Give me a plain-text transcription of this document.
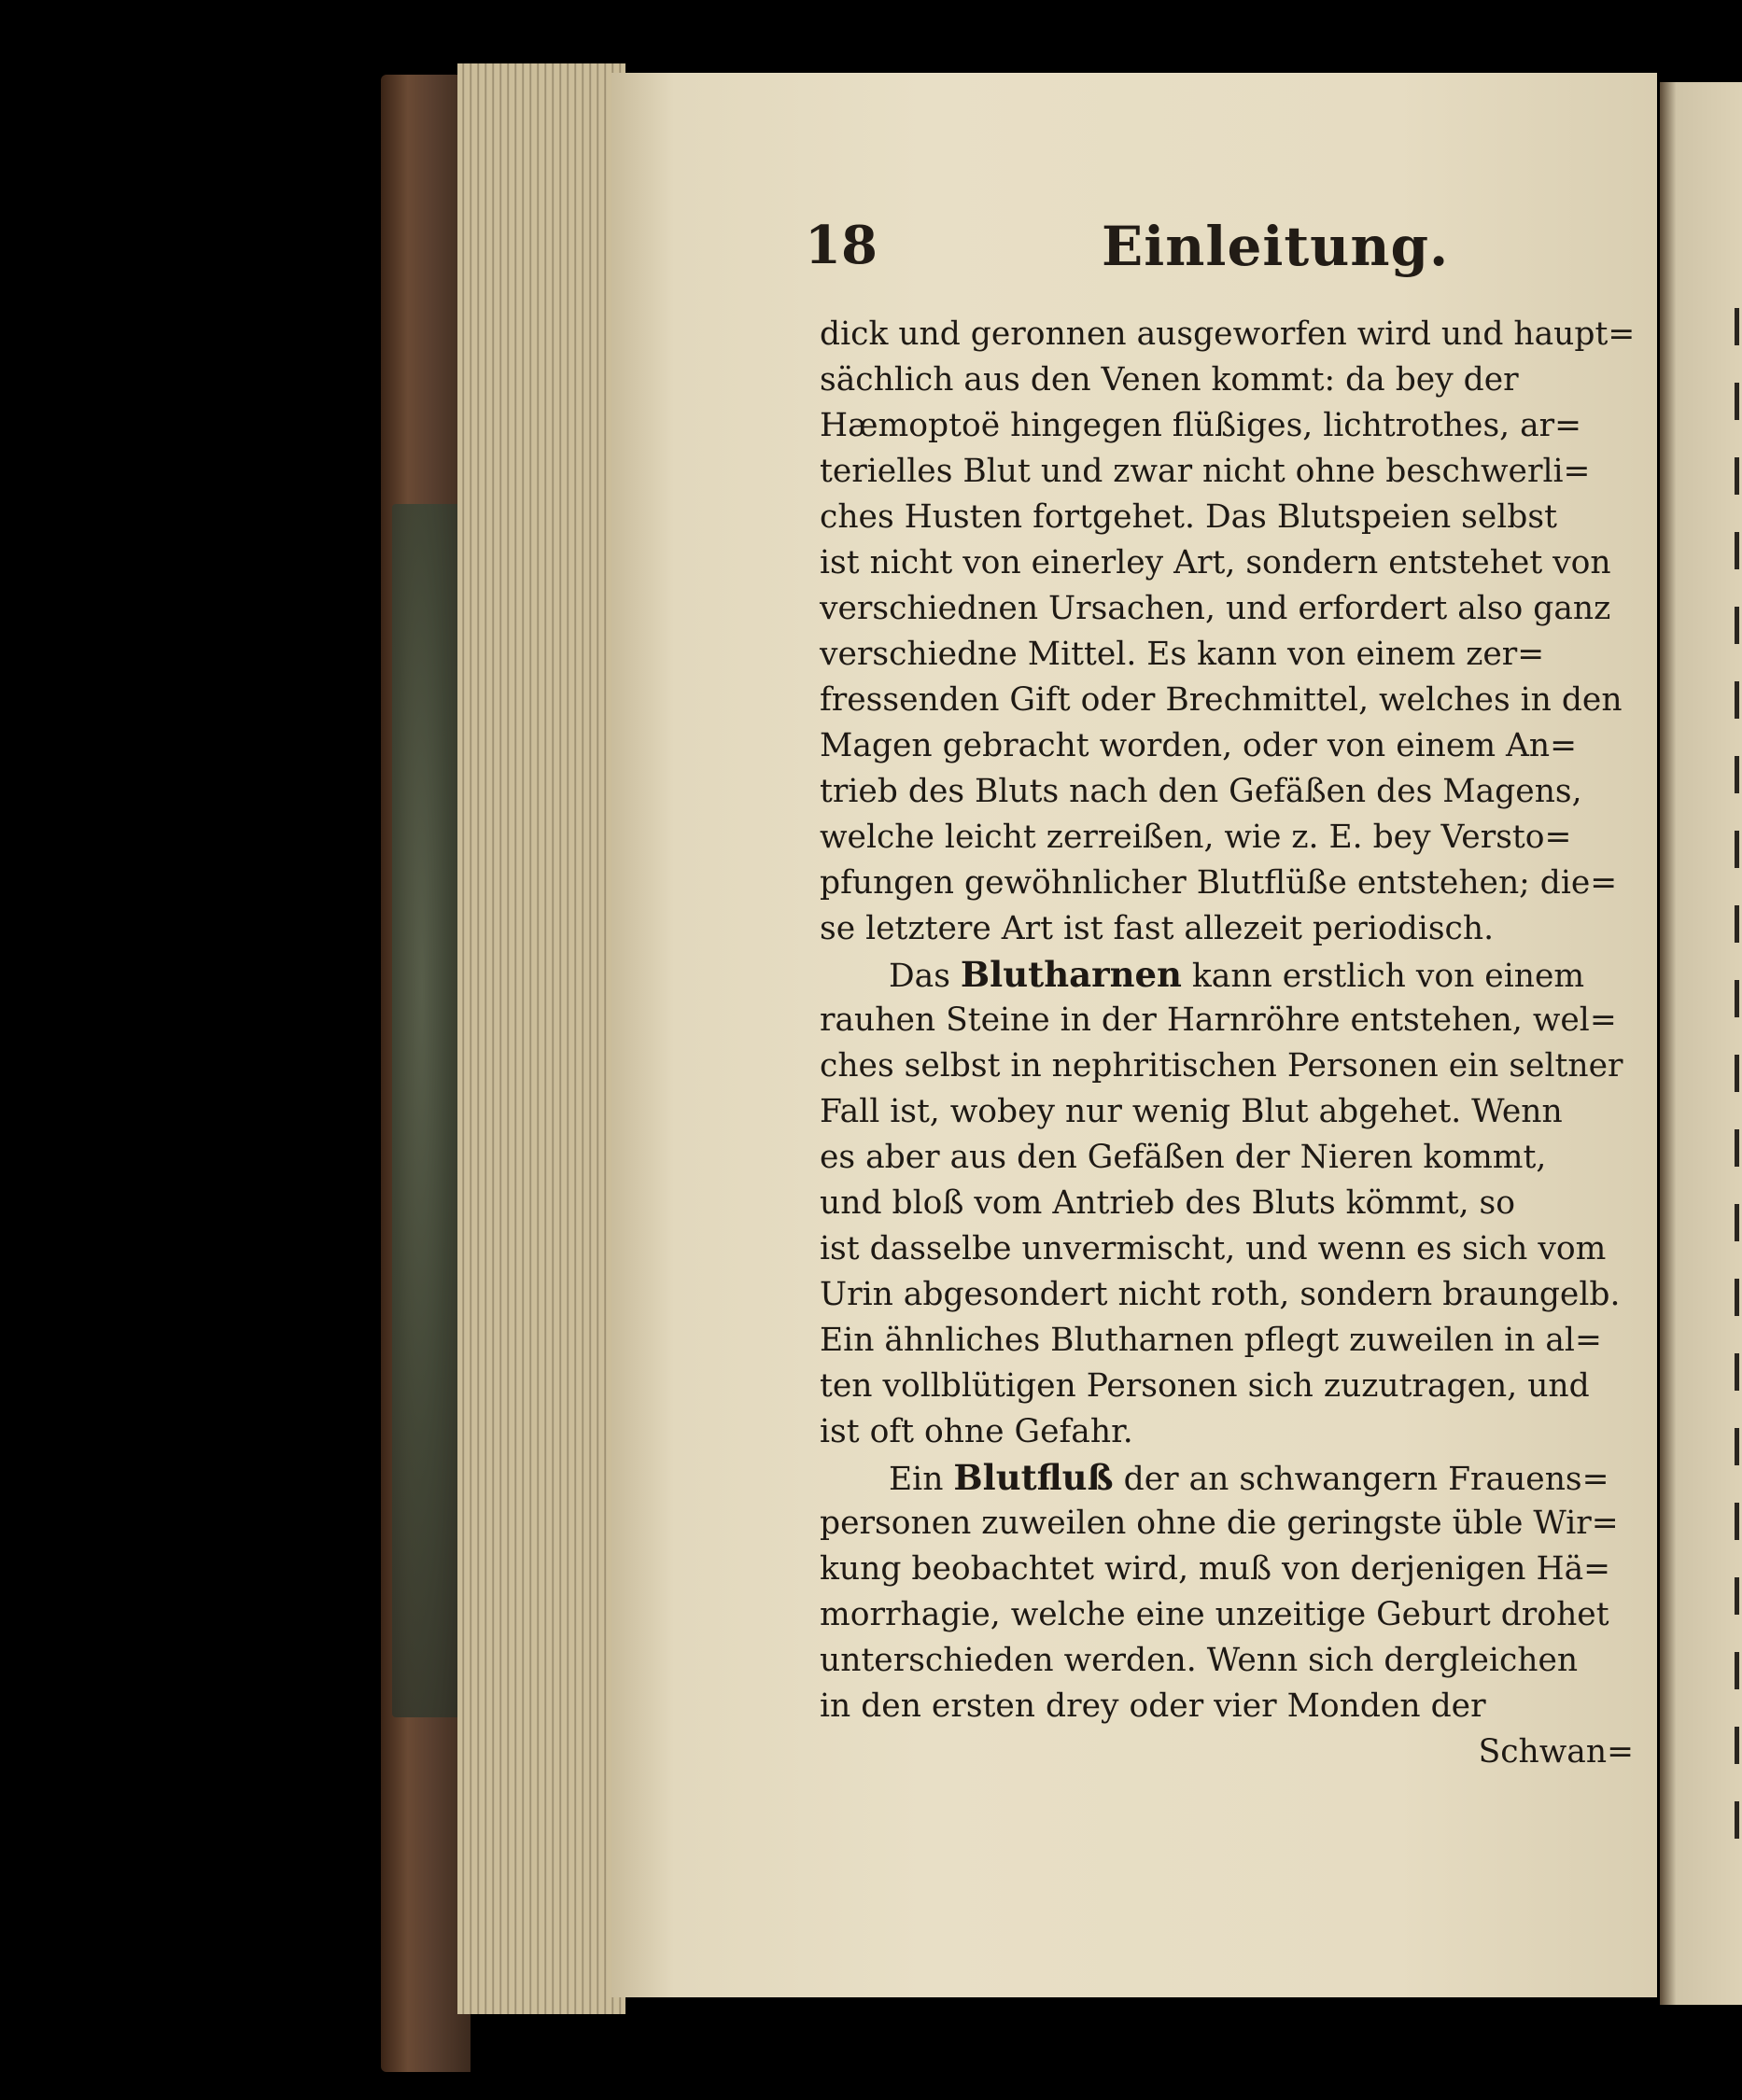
18	Einleitung.
dick und geronnen ausgeworfen wird und haupt=
sächlich aus den Venen kommt: da bey der
Hæmoptoë hingegen flüßiges, lichtrothes, ar=
terielles Blut und zwar nicht ohne beschwerli=
ches Husten fortgehet. Das Blutspeien selbst
ist nicht von einerley Art, sondern entstehet von
verschiednen Ursachen, und erfordert also ganz
verschiedne Mittel. Es kann von einem zer=
fressenden Gift oder Brechmittel, welches in den
Magen gebracht worden, oder von einem An=
trieb des Bluts nach den Gefäßen des Magens,
welche leicht zerreißen, wie z. E. bey Versto=
pfungen gewöhnlicher Blutflüße entstehen; die=
se letztere Art ist fast allezeit periodisch.
Das Blutharnen kann erstlich von einem
rauhen Steine in der Harnröhre entstehen, wel=
ches selbst in nephritischen Personen ein seltner
Fall ist, wobey nur wenig Blut abgehet. Wenn
es aber aus den Gefäßen der Nieren kommt,
und bloß vom Antrieb des Bluts kömmt, so
ist dasselbe unvermischt, und wenn es sich vom
Urin abgesondert nicht roth, sondern braungelb.
Ein ähnliches Blutharnen pflegt zuweilen in al=
ten vollblütigen Personen sich zuzutragen, und
ist oft ohne Gefahr.
Ein Blutfluß der an schwangern Frauens=
personen zuweilen ohne die geringste üble Wir=
kung beobachtet wird, muß von derjenigen Hä=
morrhagie, welche eine unzeitige Geburt drohet
unterschieden werden. Wenn sich dergleichen
in den ersten drey oder vier Monden der
Schwan=
